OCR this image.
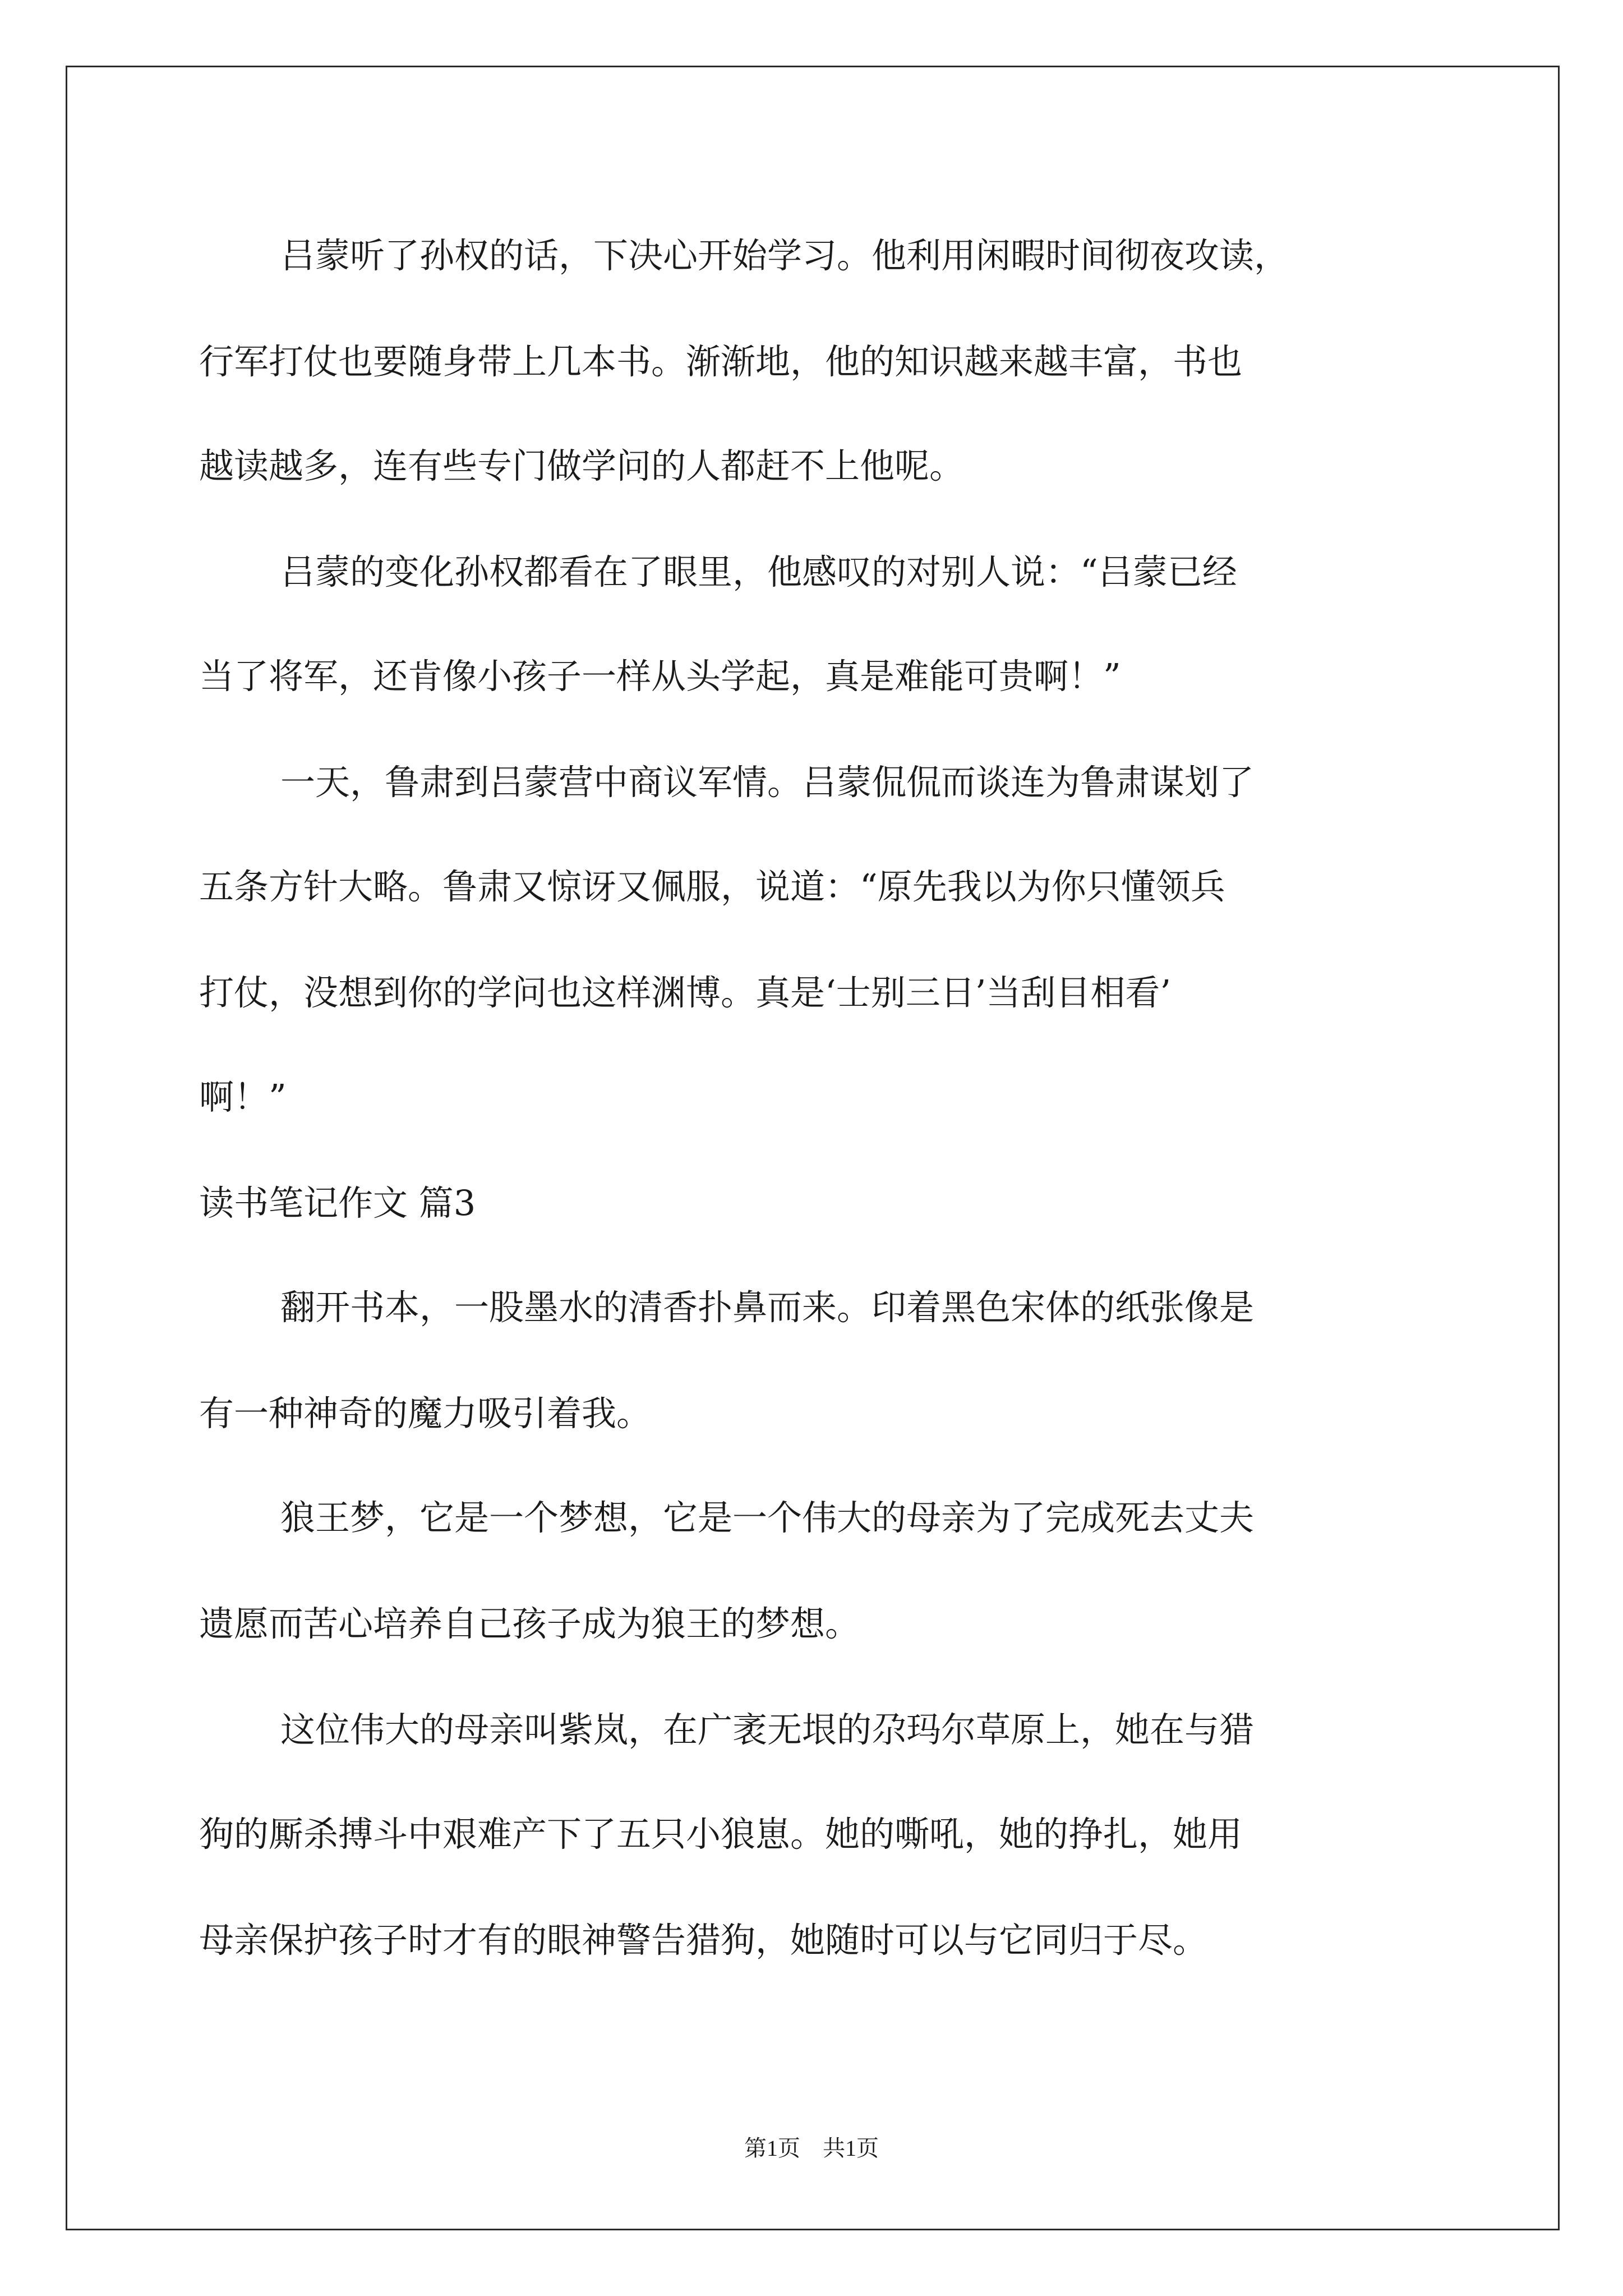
吕蒙听了孙权的话，下决心开始学习。他利用闲暇时间彻夜攻读，
行军打仗也要随身带上几本书。渐渐地，他的知识越来越丰富，书也
越读越多，连有些专门做学问的人都赶不上他呢。
吕蒙的变化孙权都看在了眼里，他感叹的对别人说：“吕蒙已经
当了将军，还肯像小孩子一样从头学起，真是难能可贵啊！”
一天，鲁肃到吕蒙营中商议军情。吕蒙侃侃而谈连为鲁肃谋划了
五条方针大略。鲁肃又惊讶又佩服，说道：“原先我以为你只懂领兵
打仗，没想到你的学问也这样渊博。真是‘士别三日’当刮目相看’
啊！”
读书笔记作文 篇3
翻开书本，一股墨水的清香扑鼻而来。印着黑色宋体的纸张像是
有一种神奇的魔力吸引着我。
狼王梦，它是一个梦想，它是一个伟大的母亲为了完成死去丈夫
遗愿而苦心培养自己孩子成为狼王的梦想。
这位伟大的母亲叫紫岚，在广袤无垠的尕玛尔草原上，她在与猎
狗的厮杀搏斗中艰难产下了五只小狼崽。她的嘶吼，她的挣扎，她用
母亲保护孩子时才有的眼神警告猎狗，她随时可以与它同归于尽。
第1页 共1页
